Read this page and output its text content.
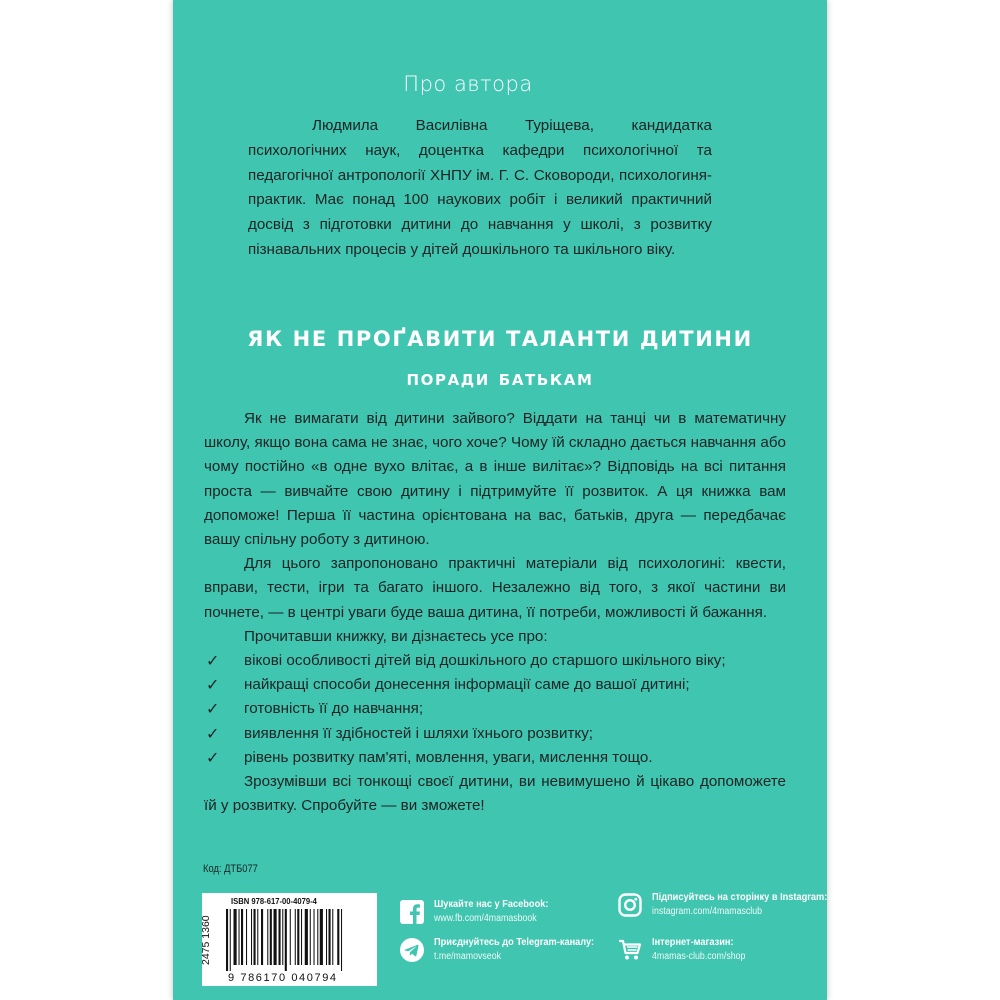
Про автора

Людмила Василівна Туріщева, кандидатка психологічних наук, доцентка кафедри психологічної та педагогічної антропології ХНПУ ім. Г. С. Сковороди, психологиня-практик. Має понад 100 наукових робіт і великий практичний досвід з підготовки дитини до навчання у школі, з розвитку пізнавальних процесів у дітей дошкільного та шкільного віку.

ЯК НЕ ПРОҐАВИТИ ТАЛАНТИ ДИТИНИ
поради батькам

Як не вимагати від дитини зайвого? Віддати на танці чи в математичну школу, якщо вона сама не знає, чого хоче? Чому їй складно дається навчання або чому постійно «в одне вухо влітає, а в інше вилітає»? Відповідь на всі питання проста — вивчайте свою дитину і підтримуйте її розвиток. А ця книжка вам допоможе! Перша її частина орієнтована на вас, батьків, друга — передбачає вашу спільну роботу з дитиною.

Для цього запропоновано практичні матеріали від психологині: квести, вправи, тести, ігри та багато іншого. Незалежно від того, з якої частини ви почнете, — в центрі уваги буде ваша дитина, її потреби, можливості й бажання.

Прочитавши книжку, ви дізнаєтесь усе про:

✓ вікові особливості дітей від дошкільного до старшого шкільного віку;
✓ найкращі способи донесення інформації саме до вашої дитині;
✓ готовність її до навчання;
✓ виявлення її здібностей і шляхи їхнього розвитку;
✓ рівень розвитку пам'яті, мовлення, уваги, мислення тощо.

Зрозумівши всі тонкощі своєї дитини, ви невимушено й цікаво допоможете їй у розвитку. Спробуйте — ви зможете!

Код: ДТБ077
ISBN 978-617-00-4079-4
9 786170 040794
2475 1360
Шукайте нас у Facebook:
www.fb.com/4mamasbook
Приєднуйтесь до Telegram-каналу:
t.me/mamovseok
Підписуйтесь на сторінку в Instagram:
instagram.com/4mamasclub
Інтернет-магазин:
4mamas-club.com/shop
